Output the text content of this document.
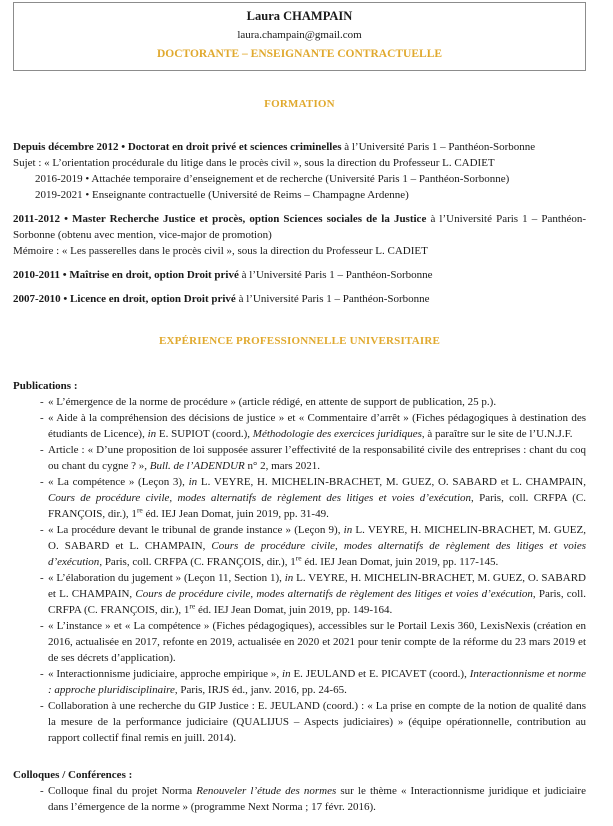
Laura CHAMPAIN
laura.champain@gmail.com
DOCTORANTE – ENSEIGNANTE CONTRACTUELLE
FORMATION
Depuis décembre 2012 • Doctorat en droit privé et sciences criminelles à l’Université Paris 1 – Panthéon-Sorbonne
Sujet : « L’orientation procédurale du litige dans le procès civil », sous la direction du Professeur L. CADIET
2016-2019 • Attachée temporaire d’enseignement et de recherche (Université Paris 1 – Panthéon-Sorbonne)
2019-2021 • Enseignante contractuelle (Université de Reims – Champagne Ardenne)
2011-2012 • Master Recherche Justice et procès, option Sciences sociales de la Justice à l’Université Paris 1 – Panthéon-Sorbonne (obtenu avec mention, vice-major de promotion)
Mémoire : « Les passerelles dans le procès civil », sous la direction du Professeur L. CADIET
2010-2011 • Maîtrise en droit, option Droit privé à l’Université Paris 1 – Panthéon-Sorbonne
2007-2010 • Licence en droit, option Droit privé à l’Université Paris 1 – Panthéon-Sorbonne
EXPÉRIENCE PROFESSIONNELLE UNIVERSITAIRE
Publications :
- « L’émergence de la norme de procédure » (article rédigé, en attente de support de publication, 25 p.).
- « Aide à la compréhension des décisions de justice » et « Commentaire d’arrêt » (Fiches pédagogiques à destination des étudiants de Licence), in E. SUPIOT (coord.), Méthodologie des exercices juridiques, à paraître sur le site de l’U.N.J.F.
- Article : « D’une proposition de loi supposée assurer l’effectivité de la responsabilité civile des entreprises : chant du coq ou chant du cygne ? », Bull. de l’ADENDUR n° 2, mars 2021.
- « La compétence » (Leçon 3), in L. VEYRE, H. MICHELIN-BRACHET, M. GUEZ, O. SABARD et L. CHAMPAIN, Cours de procédure civile, modes alternatifs de règlement des litiges et voies d’exécution, Paris, coll. CRFPA (C. FRANÇOIS, dir.), 1re éd. IEJ Jean Domat, juin 2019, pp. 31-49.
- « La procédure devant le tribunal de grande instance » (Leçon 9), in L. VEYRE, H. MICHELIN-BRACHET, M. GUEZ, O. SABARD et L. CHAMPAIN, Cours de procédure civile, modes alternatifs de règlement des litiges et voies d’exécution, Paris, coll. CRFPA (C. FRANÇOIS, dir.), 1re éd. IEJ Jean Domat, juin 2019, pp. 117-145.
- « L’élaboration du jugement » (Leçon 11, Section 1), in L. VEYRE, H. MICHELIN-BRACHET, M. GUEZ, O. SABARD et L. CHAMPAIN, Cours de procédure civile, modes alternatifs de règlement des litiges et voies d’exécution, Paris, coll. CRFPA (C. FRANÇOIS, dir.), 1re éd. IEJ Jean Domat, juin 2019, pp. 149-164.
- « L’instance » et « La compétence » (Fiches pédagogiques), accessibles sur le Portail Lexis 360, LexisNexis (création en 2016, actualisée en 2017, refonte en 2019, actualisée en 2020 et 2021 pour tenir compte de la réforme du 23 mars 2019 et de ses décrets d’application).
- « Interactionnisme judiciaire, approche empirique », in E. JEULAND et E. PICAVET (coord.), Interactionnisme et norme : approche pluridisciplinaire, Paris, IRJS éd., janv. 2016, pp. 24-65.
- Collaboration à une recherche du GIP Justice : E. JEULAND (coord.) : « La prise en compte de la notion de qualité dans la mesure de la performance judiciaire (QUALIJUS – Aspects judiciaires) » (équipe opérationnelle, contribution au rapport collectif final remis en juill. 2014).
Colloques / Conférences :
- Colloque final du projet Norma Renouveler l’étude des normes sur le thème « Interactionnisme juridique et judiciaire dans l’émergence de la norme » (programme Next Norma ; 17 févr. 2016).
